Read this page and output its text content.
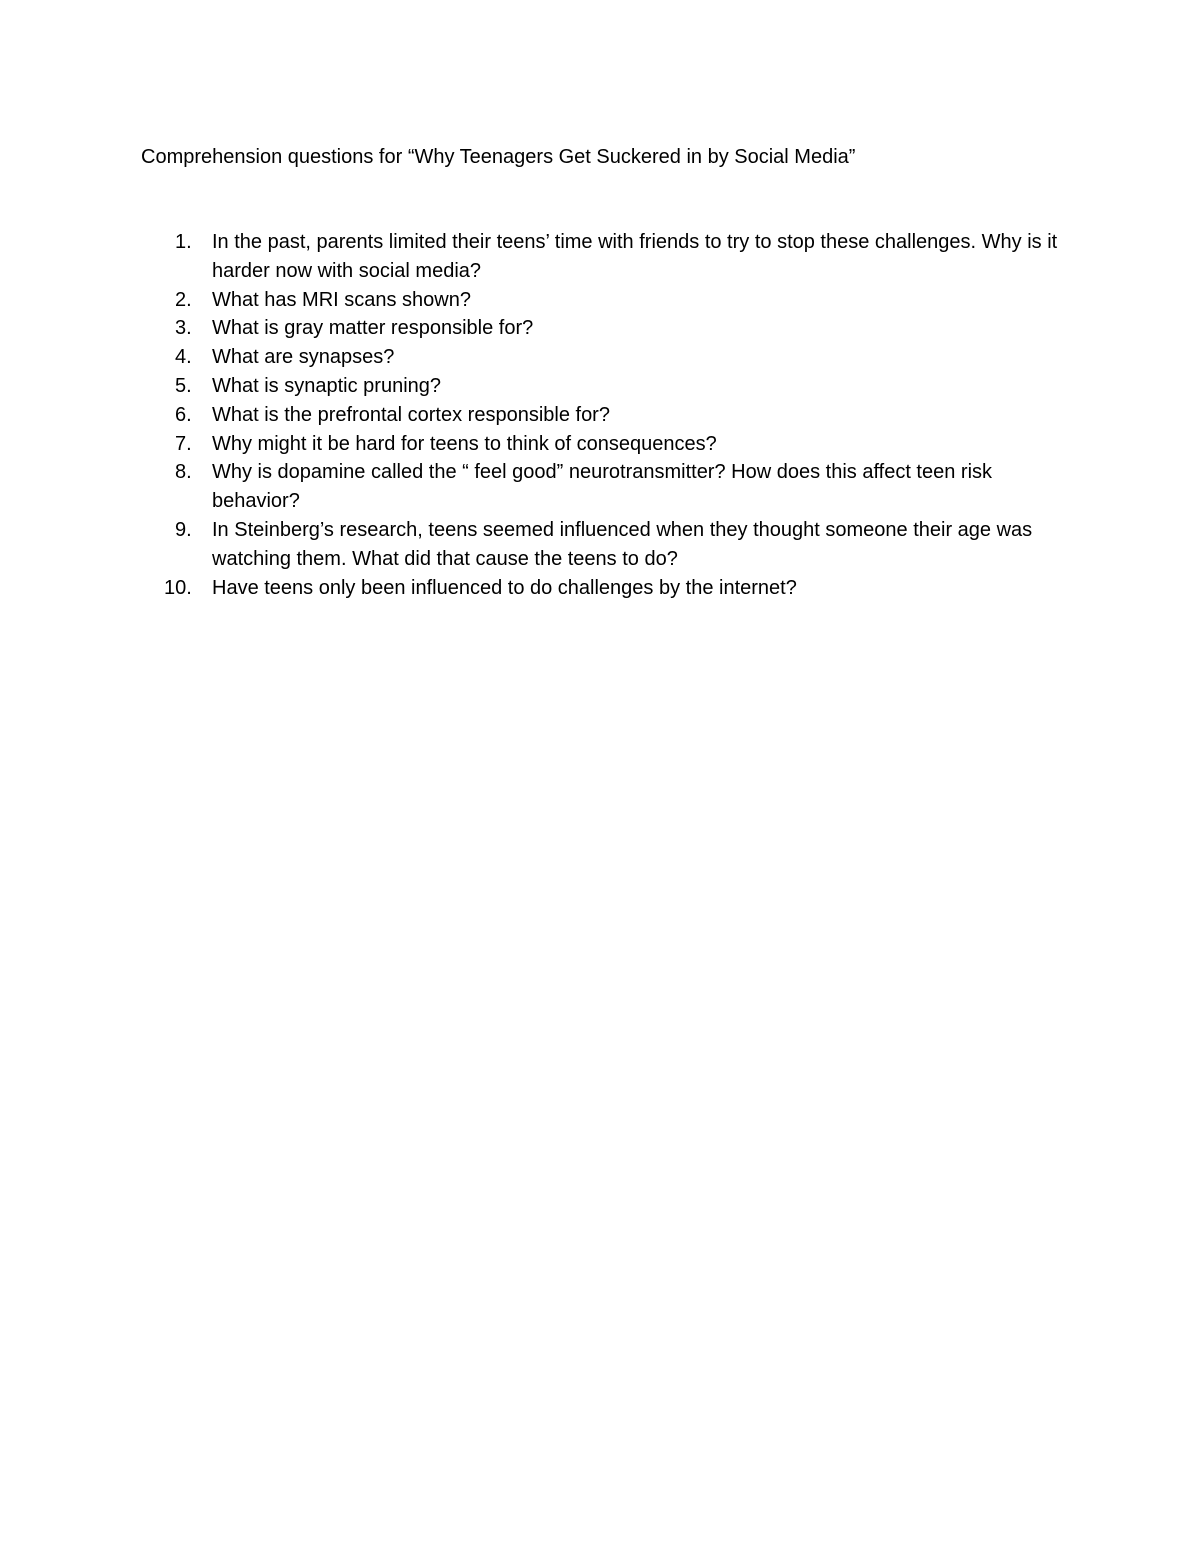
Comprehension questions for “Why Teenagers Get Suckered in by Social Media”
1. In the past, parents limited their teens’ time with friends to try to stop these challenges. Why is it harder now with social media?
2. What has MRI scans shown?
3. What is gray matter responsible for?
4. What are synapses?
5. What is synaptic pruning?
6. What is the prefrontal cortex responsible for?
7. Why might it be hard for teens to think of consequences?
8. Why is dopamine called the “ feel good” neurotransmitter? How does this affect teen risk behavior?
9. In Steinberg’s research, teens seemed influenced when they thought someone their age was watching them. What did that cause the teens to do?
10. Have teens only been influenced to do challenges by the internet?
